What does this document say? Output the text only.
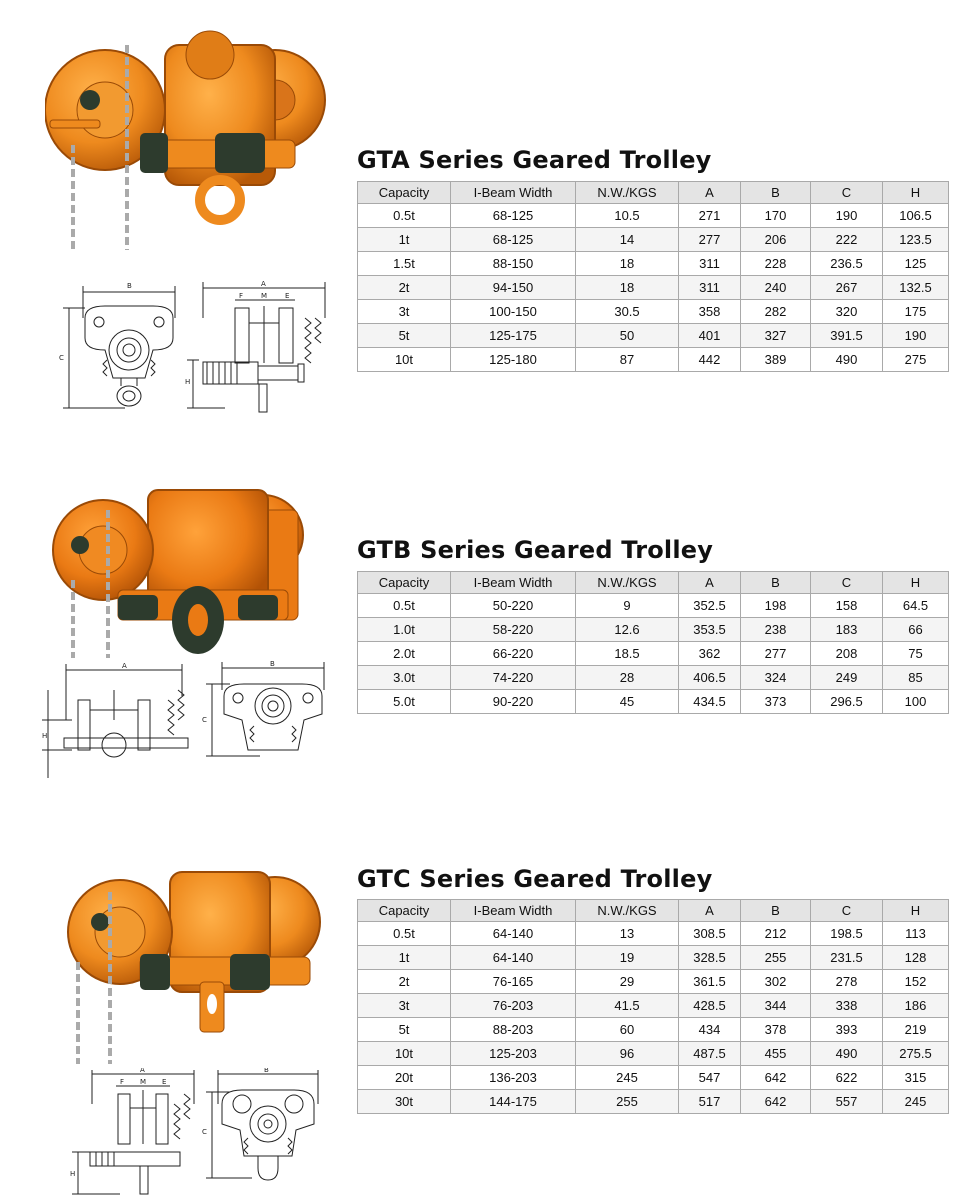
B
C
A
F	M	E
H
GTA Series Geared Trolley
Capacity	I-Beam Width	N.W./KGS	A	B	C	H
0.5t	68-125	10.5	271	170	190	106.5
1t	68-125	14	277	206	222	123.5
1.5t	88-150	18	311	228	236.5	125
2t	94-150	18	311	240	267	132.5
3t	100-150	30.5	358	282	320	175
5t	125-175	50	401	327	391.5	190
10t	125-180	87	442	389	490	275
A
H
B
C
GTB Series Geared Trolley
Capacity	I-Beam Width	N.W./KGS	A	B	C	H
0.5t	50-220	9	352.5	198	158	64.5
1.0t	58-220	12.6	353.5	238	183	66
2.0t	66-220	18.5	362	277	208	75
3.0t	74-220	28	406.5	324	249	85
5.0t	90-220	45	434.5	373	296.5	100
A
F M E
H
B
C
GTC Series Geared Trolley
Capacity	I-Beam Width	N.W./KGS	A	B	C	H
0.5t	64-140	13	308.5	212	198.5	113
1t	64-140	19	328.5	255	231.5	128
2t	76-165	29	361.5	302	278	152
3t	76-203	41.5	428.5	344	338	186
5t	88-203	60	434	378	393	219
10t	125-203	96	487.5	455	490	275.5
20t	136-203	245	547	642	622	315
30t	144-175	255	517	642	557	245
